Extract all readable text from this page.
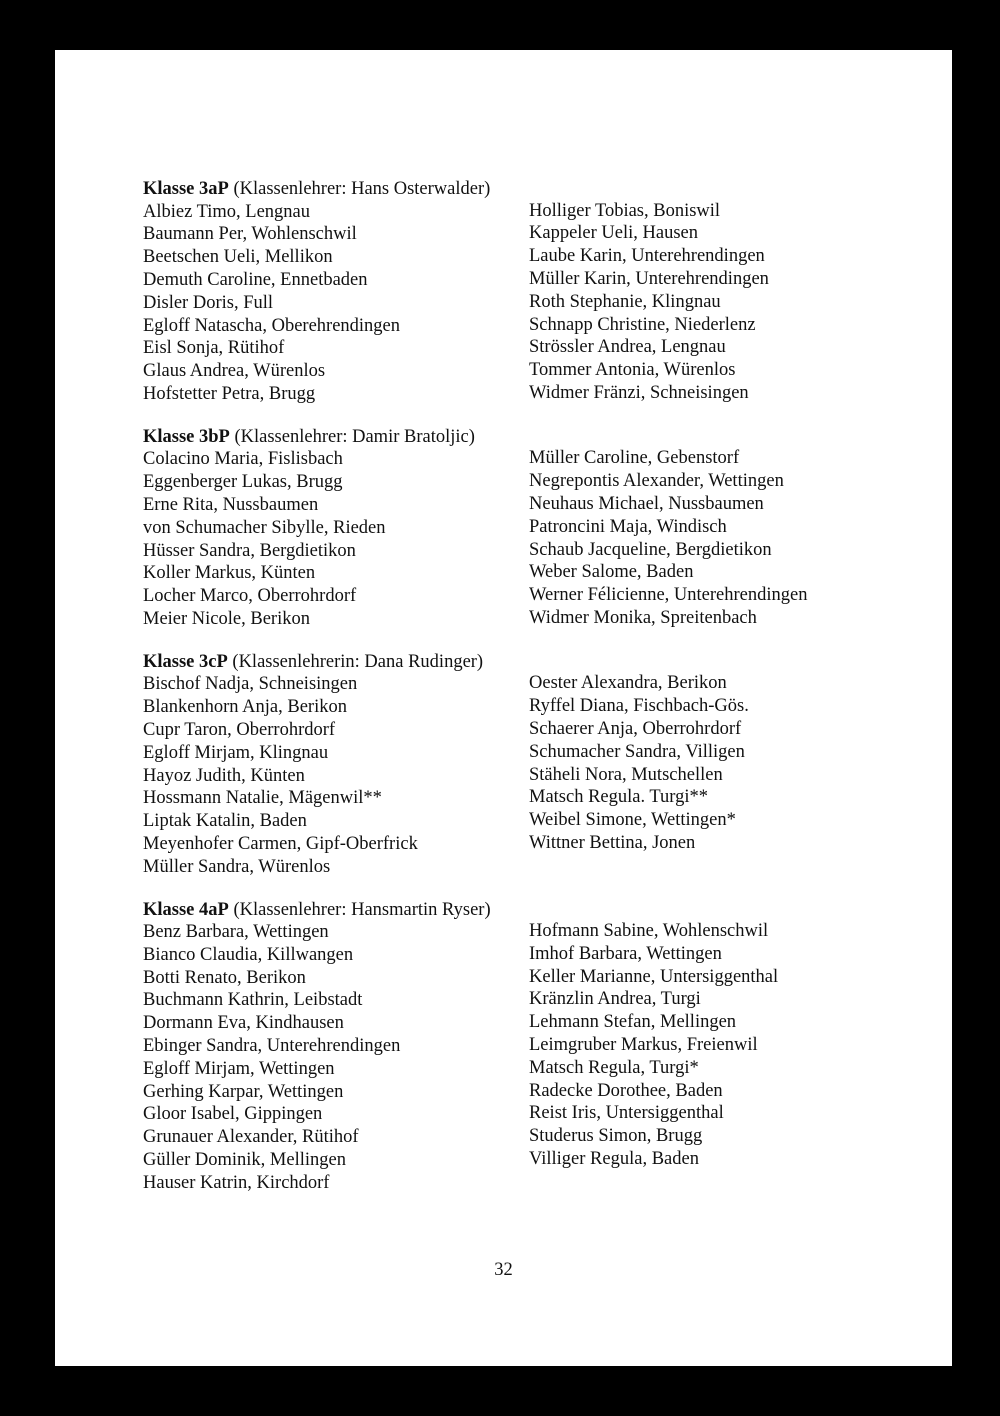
Klasse 3aP (Klassenlehrer: Hans Osterwalder)
Albiez Timo, Lengnau
Baumann Per, Wohlenschwil
Beetschen Ueli, Mellikon
Demuth Caroline, Ennetbaden
Disler Doris, Full
Egloff Natascha, Oberehrendingen
Eisl Sonja, Rütihof
Glaus Andrea, Würenlos
Hofstetter Petra, Brugg
Holliger Tobias, Boniswil
Kappeler Ueli, Hausen
Laube Karin, Unterehrendingen
Müller Karin, Unterehrendingen
Roth Stephanie, Klingnau
Schnapp Christine, Niederlenz
Strössler Andrea, Lengnau
Tommer Antonia, Würenlos
Widmer Fränzi, Schneisingen
Klasse 3bP (Klassenlehrer: Damir Bratoljic)
Colacino Maria, Fislisbach
Eggenberger Lukas, Brugg
Erne Rita, Nussbaumen
von Schumacher Sibylle, Rieden
Hüsser Sandra, Bergdietikon
Koller Markus, Künten
Locher Marco, Oberrohrdorf
Meier Nicole, Berikon
Müller Caroline, Gebenstorf
Negrepontis Alexander, Wettingen
Neuhaus Michael, Nussbaumen
Patroncini Maja, Windisch
Schaub Jacqueline, Bergdietikon
Weber Salome, Baden
Werner Félicienne, Unterehrendingen
Widmer Monika, Spreitenbach
Klasse 3cP (Klassenlehrerin: Dana Rudinger)
Bischof Nadja, Schneisingen
Blankenhorn Anja, Berikon
Cupr Taron, Oberrohrdorf
Egloff Mirjam, Klingnau
Hayoz Judith, Künten
Hossmann Natalie, Mägenwil**
Liptak Katalin, Baden
Meyenhofer Carmen, Gipf-Oberfrick
Müller Sandra, Würenlos
Oester Alexandra, Berikon
Ryffel Diana, Fischbach-Gös.
Schaerer Anja, Oberrohrdorf
Schumacher Sandra, Villigen
Stäheli Nora, Mutschellen
Matsch Regula. Turgi**
Weibel Simone, Wettingen*
Wittner Bettina, Jonen
Klasse 4aP (Klassenlehrer: Hansmartin Ryser)
Benz Barbara, Wettingen
Bianco Claudia, Killwangen
Botti Renato, Berikon
Buchmann Kathrin, Leibstadt
Dormann Eva, Kindhausen
Ebinger Sandra, Unterehrendingen
Egloff Mirjam, Wettingen
Gerhing Karpar, Wettingen
Gloor Isabel, Gippingen
Grunauer Alexander, Rütihof
Güller Dominik, Mellingen
Hauser Katrin, Kirchdorf
Hofmann Sabine, Wohlenschwil
Imhof Barbara, Wettingen
Keller Marianne, Untersiggenthal
Kränzlin Andrea, Turgi
Lehmann Stefan, Mellingen
Leimgruber Markus, Freienwil
Matsch Regula, Turgi*
Radecke Dorothee, Baden
Reist Iris, Untersiggenthal
Studerus Simon, Brugg
Villiger Regula, Baden
32
